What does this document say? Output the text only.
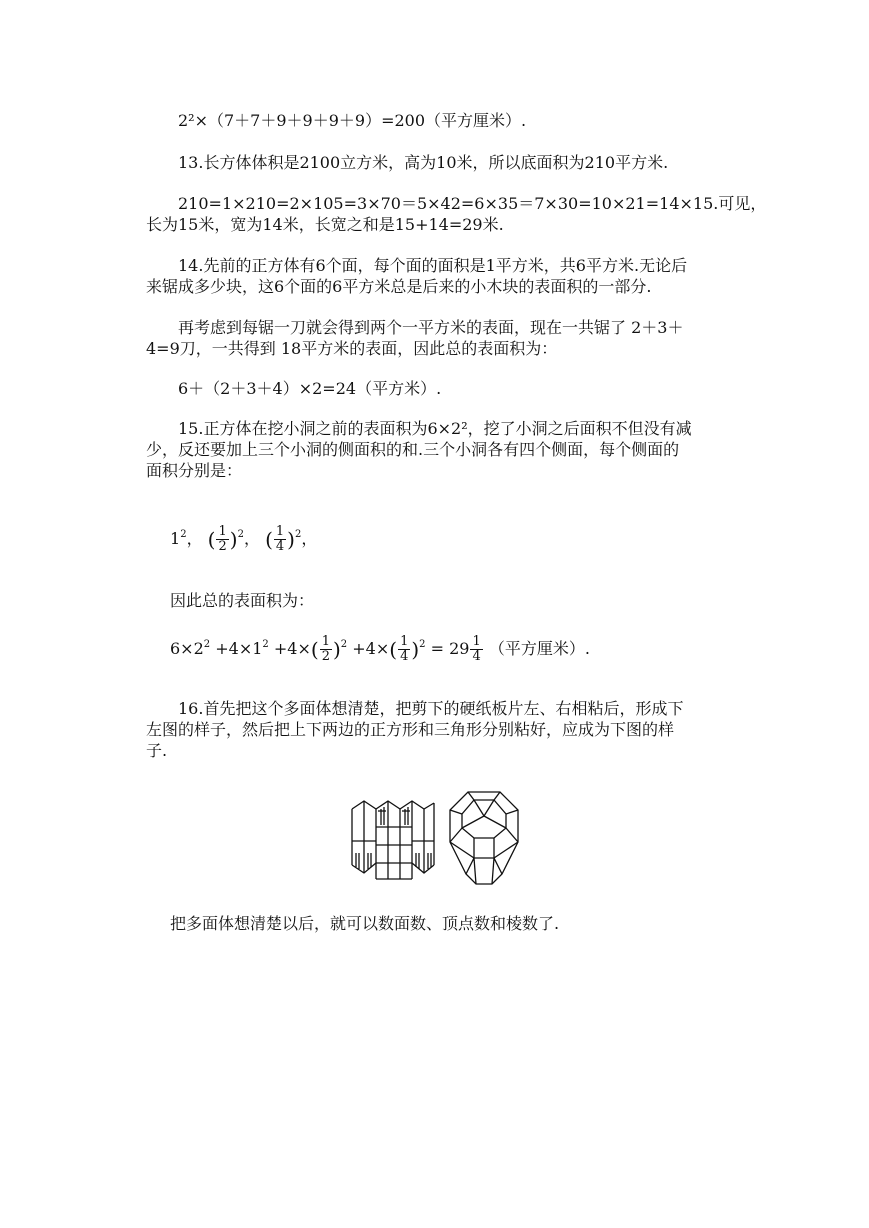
2²×（7＋7＋9＋9＋9＋9）=200（平方厘米）.

13.长方体体积是2100立方米，高为10米，所以底面积为210平方米.

210=1×210=2×105=3×70＝5×42=6×35＝7×30=10×21=14×15.可见，

长为15米，宽为14米，长宽之和是15+14=29米.

14.先前的正方体有6个面，每个面的面积是1平方米，共6平方米.无论后

来锯成多少块，这6个面的6平方米总是后来的小木块的表面积的一部分.

再考虑到每锯一刀就会得到两个一平方米的表面，现在一共锯了 2＋3＋

4=9刀，一共得到 18平方米的表面，因此总的表面积为：

6＋（2＋3＋4）×2=24（平方米）.

15.正方体在挖小洞之前的表面积为6×2²，挖了小洞之后面积不但没有减

少，反还要加上三个小洞的侧面积的和.三个小洞各有四个侧面，每个侧面的

面积分别是：

$1^2$， ( $\frac{1}{2} )^2$， ( $\frac{1}{4} )^2$，

因此总的表面积为：

$6\times 2^2 +4\times 1^2 +4\times( \frac{1}{2} )^2 +4\times( \frac{1}{4} )^2 = 29 \frac{1}{4}$ （平方厘米）.

16.首先把这个多面体想清楚，把剪下的硬纸板片左、右相粘后，形成下

左图的样子，然后把上下两边的正方形和三角形分别粘好，应成为下图的样

子.

把多面体想清楚以后，就可以数面数、顶点数和棱数了.
